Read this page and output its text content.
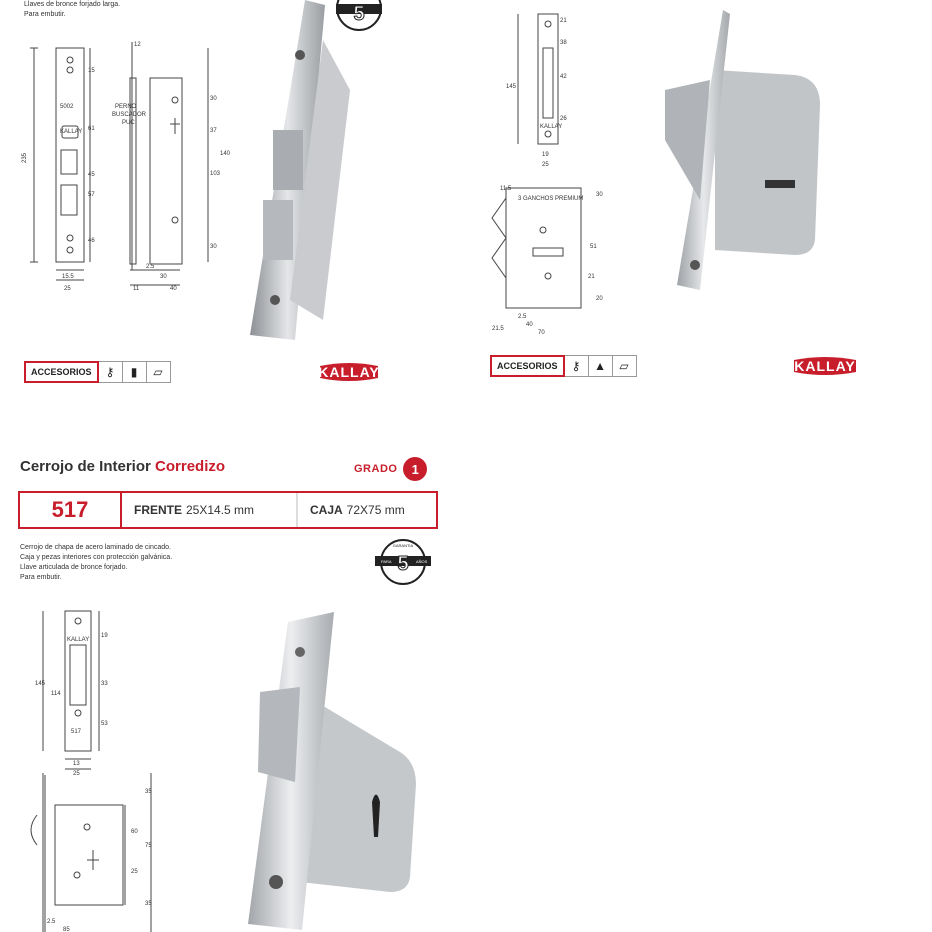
Llaves de bronce forjado larga.
Para embutir.	5
235
15
61
45
57
46
15.5
25
5002
KALLAY
PERNO
BUSCADOR
PUC
12
30
37
103
30
140
2.5
30
40
11
ACCESORIOS	⚷	▮	▱	KALLAY
21
38
42
26
145
19
25
KALLAY
3 GANCHOS PREMIUM
11.5
30
51
21
20
2.5
40
21.5
70
ACCESORIOS	⚷	▲	▱	KALLAY
Cerrojo de Interior Corredizo	GRADO	1
517	FRENTE 25X14.5 mm	CAJA 72X75 mm
Cerrojo de chapa de acero laminado de cincado.
Caja y pezas interiores con protección galvánica.
Llave articulada de bronce forjado.
Para embutir.
5
GARANTIA
PARA	AÑOS
145
114
19
33
53
13
25
KALLAY
517
35
60
75
25
35
2.5
85
